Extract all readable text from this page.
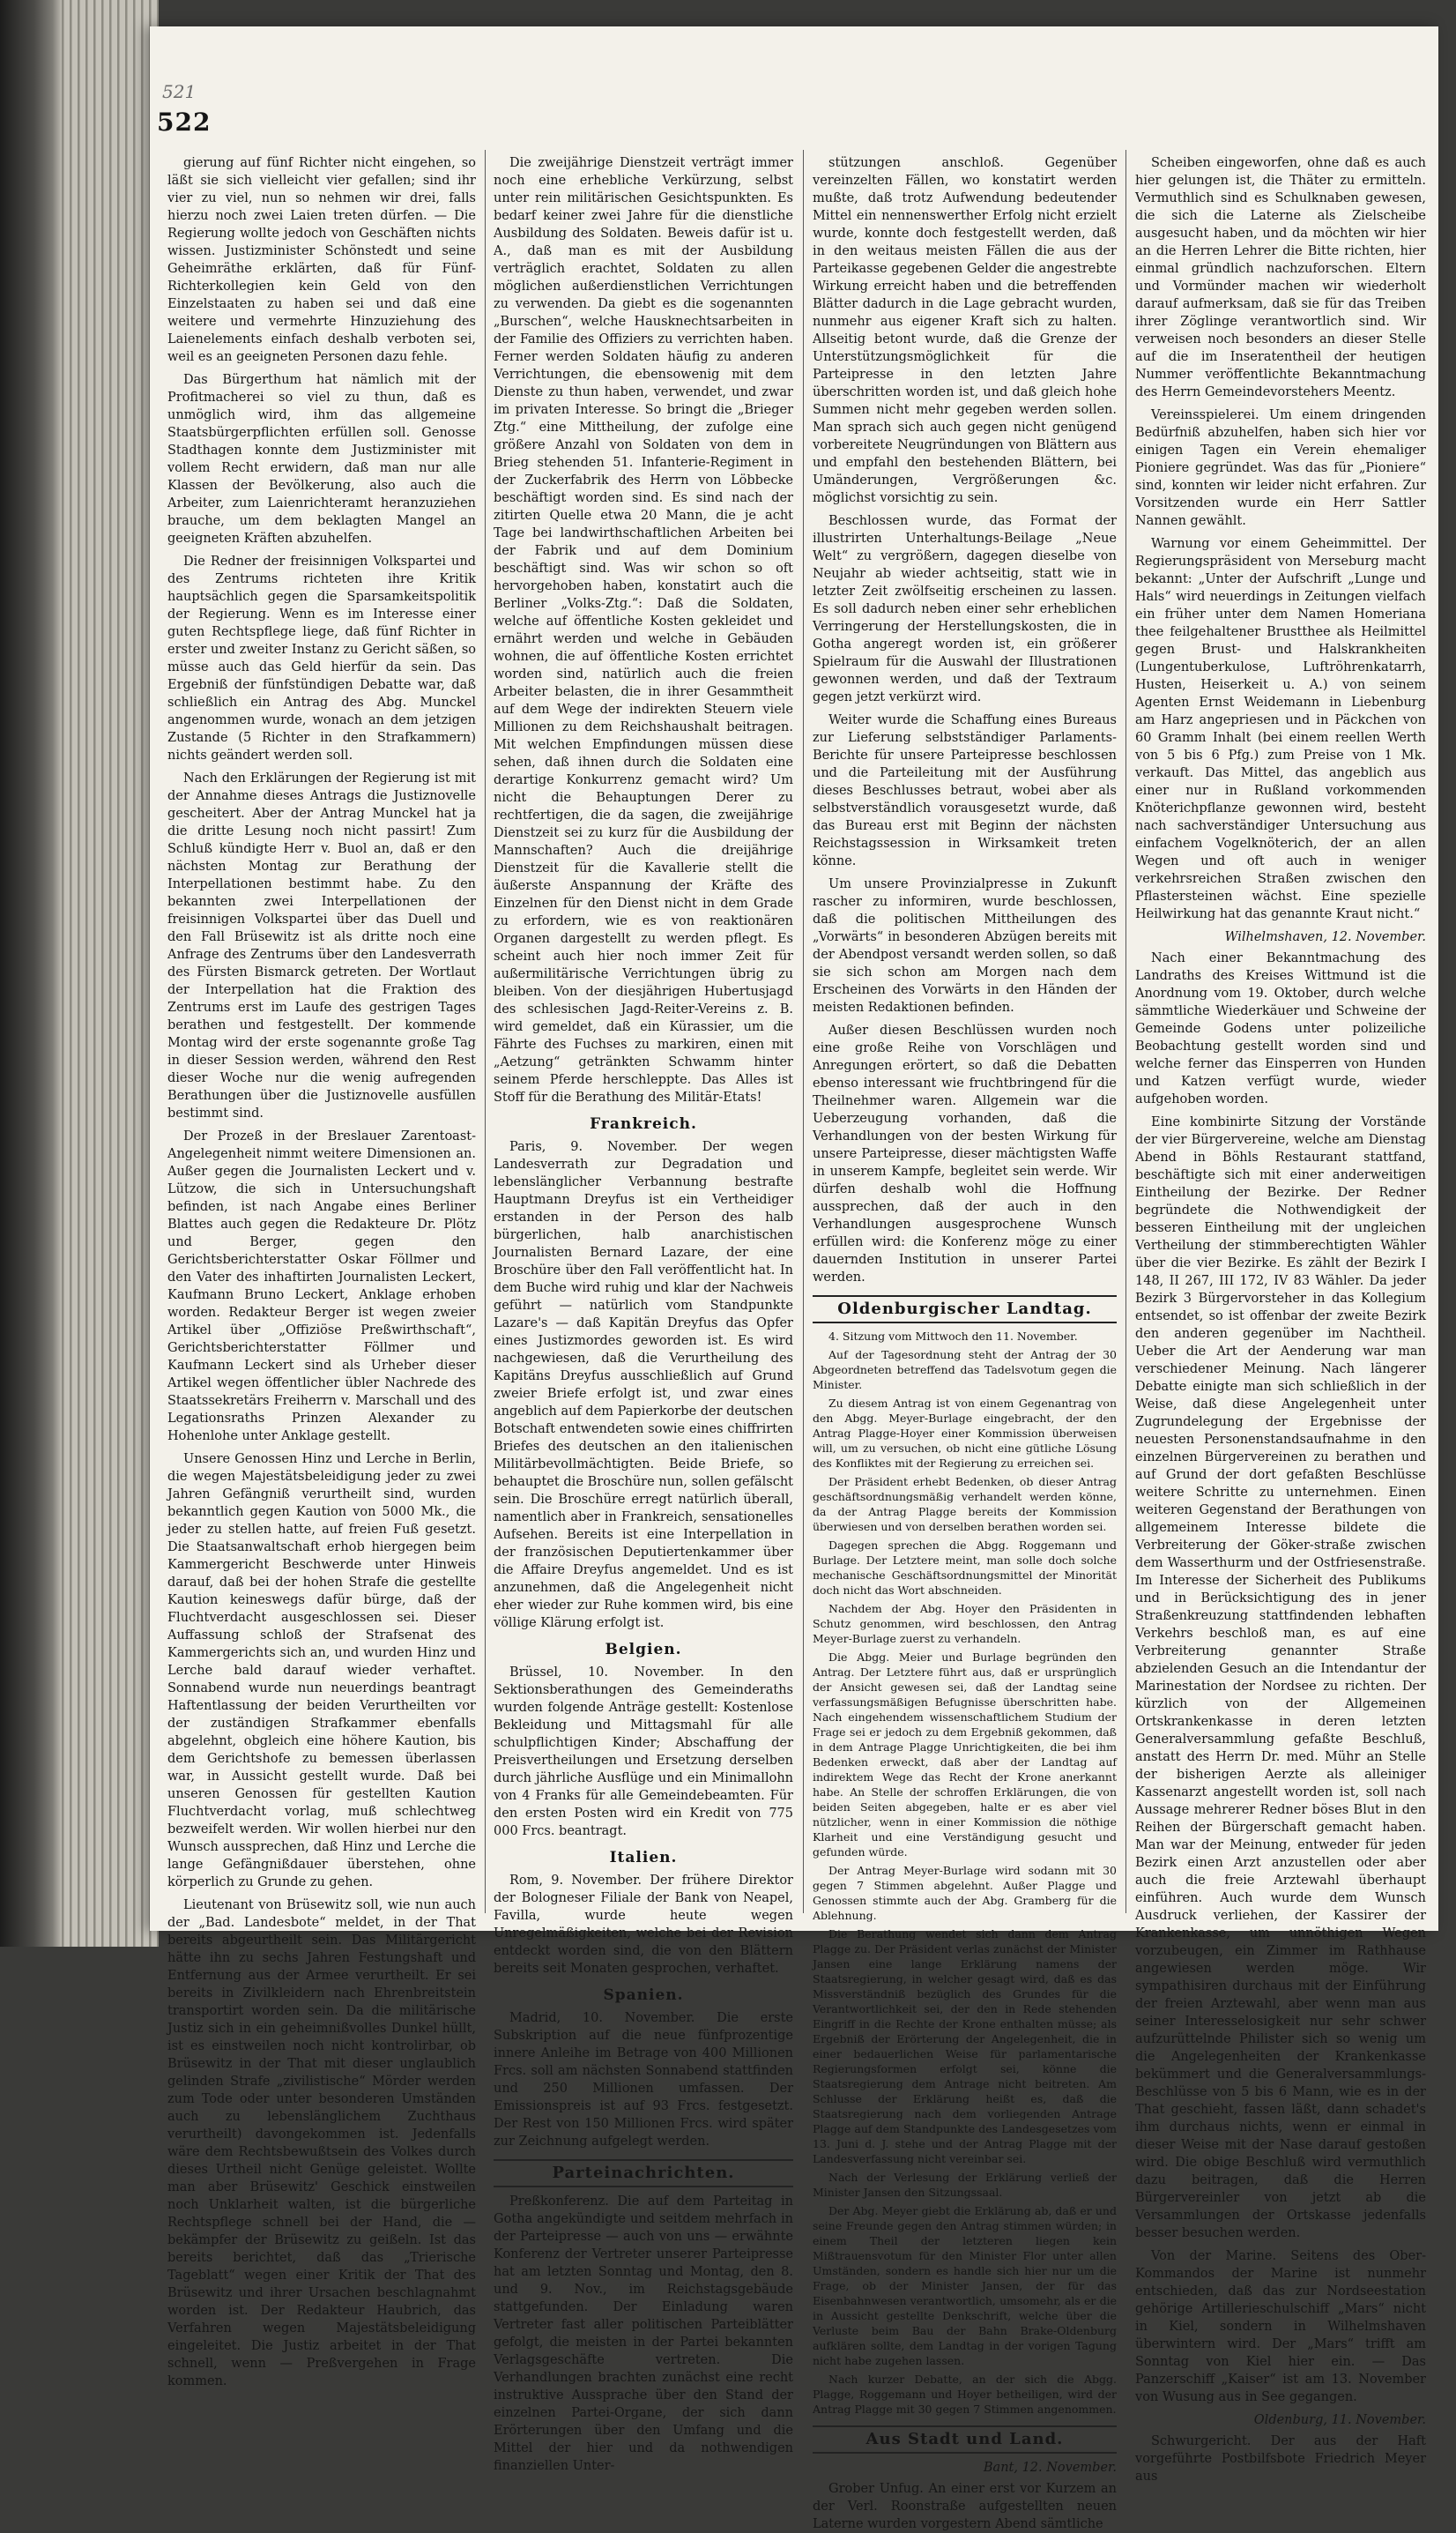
521
522

gierung auf fünf Richter nicht eingehen, so läßt sie sich vielleicht vier gefallen; sind ihr vier zu viel, nun so nehmen wir drei, falls hierzu noch zwei Laien treten dürfen. — Die Regierung wollte jedoch von Geschäften nichts wissen. Justizminister Schönstedt und seine Geheimräthe erklärten, daß für Fünf-Richterkollegien kein Geld von den Einzelstaaten zu haben sei und daß eine weitere und vermehrte Hinzuziehung des Laienelements einfach deshalb verboten sei, weil es an geeigneten Personen dazu fehle.

Das Bürgerthum hat nämlich mit der Profitmacherei so viel zu thun, daß es unmöglich wird, ihm das allgemeine Staatsbürgerpflichten erfüllen soll. Genosse Stadthagen konnte dem Justizminister mit vollem Recht erwidern, daß man nur alle Klassen der Bevölkerung, also auch die Arbeiter, zum Laienrichteramt heranzuziehen brauche, um dem beklagten Mangel an geeigneten Kräften abzuhelfen.

Die Redner der freisinnigen Volkspartei und des Zentrums richteten ihre Kritik hauptsächlich gegen die Sparsamkeitspolitik der Regierung. Wenn es im Interesse einer guten Rechtspflege liege, daß fünf Richter in erster und zweiter Instanz zu Gericht säßen, so müsse auch das Geld hierfür da sein. Das Ergebniß der fünfstündigen Debatte war, daß schließlich ein Antrag des Abg. Munckel angenommen wurde, wonach an dem jetzigen Zustande (5 Richter in den Strafkammern) nichts geändert werden soll.

Nach den Erklärungen der Regierung ist mit der Annahme dieses Antrags die Justiznovelle gescheitert. Aber der Antrag Munckel hat ja die dritte Lesung noch nicht passirt! Zum Schluß kündigte Herr v. Buol an, daß er den nächsten Montag zur Berathung der Interpellationen bestimmt habe. Zu den bekannten zwei Interpellationen der freisinnigen Volkspartei über das Duell und den Fall Brüsewitz ist als dritte noch eine Anfrage des Zentrums über den Landesverrath des Fürsten Bismarck getreten. Der Wortlaut der Interpellation hat die Fraktion des Zentrums erst im Laufe des gestrigen Tages berathen und festgestellt. Der kommende Montag wird der erste sogenannte große Tag in dieser Session werden, während den Rest dieser Woche nur die wenig aufregenden Berathungen über die Justiznovelle ausfüllen bestimmt sind.

Der Prozeß in der Breslauer Zarentoast-Angelegenheit nimmt weitere Dimensionen an. Außer gegen die Journalisten Leckert und v. Lützow, die sich in Untersuchungshaft befinden, ist nach Angabe eines Berliner Blattes auch gegen die Redakteure Dr. Plötz und Berger, gegen den Gerichtsberichterstatter Oskar Föllmer und den Vater des inhaftirten Journalisten Leckert, Kaufmann Bruno Leckert, Anklage erhoben worden. Redakteur Berger ist wegen zweier Artikel über „Offiziöse Preßwirthschaft“, Gerichtsberichterstatter Föllmer und Kaufmann Leckert sind als Urheber dieser Artikel wegen öffentlicher übler Nachrede des Staatssekretärs Freiherrn v. Marschall und des Legationsraths Prinzen Alexander zu Hohenlohe unter Anklage gestellt.

Unsere Genossen Hinz und Lerche in Berlin, die wegen Majestätsbeleidigung jeder zu zwei Jahren Gefängniß verurtheilt sind, wurden bekanntlich gegen Kaution von 5000 Mk., die jeder zu stellen hatte, auf freien Fuß gesetzt. Die Staatsanwaltschaft erhob hiergegen beim Kammergericht Beschwerde unter Hinweis darauf, daß bei der hohen Strafe die gestellte Kaution keineswegs dafür bürge, daß der Fluchtverdacht ausgeschlossen sei. Dieser Auffassung schloß der Strafsenat des Kammergerichts sich an, und wurden Hinz und Lerche bald darauf wieder verhaftet. Sonnabend wurde nun neuerdings beantragt Haftentlassung der beiden Verurtheilten vor der zuständigen Strafkammer ebenfalls abgelehnt, obgleich eine höhere Kaution, bis dem Gerichtshofe zu bemessen überlassen war, in Aussicht gestellt wurde. Daß bei unseren Genossen für gestellten Kaution Fluchtverdacht vorlag, muß schlechtweg bezweifelt werden. Wir wollen hierbei nur den Wunsch aussprechen, daß Hinz und Lerche die lange Gefängnißdauer überstehen, ohne körperlich zu Grunde zu gehen.

Lieutenant von Brüsewitz soll, wie nun auch der „Bad. Landesbote“ meldet, in der That bereits abgeurtheilt sein. Das Militärgericht hätte ihn zu sechs Jahren Festungshaft und Entfernung aus der Armee verurtheilt. Er sei bereits in Zivilkleidern nach Ehrenbreitstein transportirt worden sein. Da die militärische Justiz sich in ein geheimnißvolles Dunkel hüllt, ist es einstweilen noch nicht kontrolirbar, ob Brüsewitz in der That mit dieser unglaublich gelinden Strafe „zivilistische“ Mörder werden zum Tode oder unter besonderen Umständen auch zu lebenslänglichem Zuchthaus verurtheilt) davongekommen ist. Jedenfalls wäre dem Rechtsbewußtsein des Volkes durch dieses Urtheil nicht Genüge geleistet. Wollte man aber Brüsewitz' Geschick einstweilen noch Unklarheit walten, ist die bürgerliche Rechtspflege schnell bei der Hand, die — bekämpfer der Brüsewitz zu geißeln. Ist das bereits berichtet, daß das „Trierische Tageblatt“ wegen einer Kritik der That des Brüsewitz und ihrer Ursachen beschlagnahmt worden ist. Der Redakteur Haubrich, das Verfahren wegen Majestätsbeleidigung eingeleitet. Die Justiz arbeitet in der That schnell, wenn — Preßvergehen in Frage kommen.

Die zweijährige Dienstzeit verträgt immer noch eine erhebliche Verkürzung, selbst unter rein militärischen Gesichtspunkten. Es bedarf keiner zwei Jahre für die dienstliche Ausbildung des Soldaten. Beweis dafür ist u. A., daß man es mit der Ausbildung verträglich erachtet, Soldaten zu allen möglichen außerdienstlichen Verrichtungen zu verwenden. Da giebt es die sogenannten „Burschen“, welche Hausknechtsarbeiten in der Familie des Offiziers zu verrichten haben. Ferner werden Soldaten häufig zu anderen Verrichtungen, die ebensowenig mit dem Dienste zu thun haben, verwendet, und zwar im privaten Interesse. So bringt die „Brieger Ztg.“ eine Mittheilung, der zufolge eine größere Anzahl von Soldaten von dem in Brieg stehenden 51. Infanterie-Regiment in der Zuckerfabrik des Herrn von Löbbecke beschäftigt worden sind. Es sind nach der zitirten Quelle etwa 20 Mann, die je acht Tage bei landwirthschaftlichen Arbeiten bei der Fabrik und auf dem Dominium beschäftigt sind. Was wir schon so oft hervorgehoben haben, konstatirt auch die Berliner „Volks-Ztg.“: Daß die Soldaten, welche auf öffentliche Kosten gekleidet und ernährt werden und welche in Gebäuden wohnen, die auf öffentliche Kosten errichtet worden sind, natürlich auch die freien Arbeiter belasten, die in ihrer Gesammtheit auf dem Wege der indirekten Steuern viele Millionen zu dem Reichshaushalt beitragen. Mit welchen Empfindungen müssen diese sehen, daß ihnen durch die Soldaten eine derartige Konkurrenz gemacht wird? Um nicht die Behauptungen Derer zu rechtfertigen, die da sagen, die zweijährige Dienstzeit sei zu kurz für die Ausbildung der Mannschaften? Auch die dreijährige Dienstzeit für die Kavallerie stellt die äußerste Anspannung der Kräfte des Einzelnen für den Dienst nicht in dem Grade zu erfordern, wie es von reaktionären Organen dargestellt zu werden pflegt. Es scheint auch hier noch immer Zeit für außermilitärische Verrichtungen übrig zu bleiben. Von der diesjährigen Hubertusjagd des schlesischen Jagd-Reiter-Vereins z. B. wird gemeldet, daß ein Kürassier, um die Fährte des Fuchses zu markiren, einen mit „Aetzung“ getränkten Schwamm hinter seinem Pferde herschleppte. Das Alles ist Stoff für die Berathung des Militär-Etats!

Frankreich.

Paris, 9. November. Der wegen Landesverrath zur Degradation und lebenslänglicher Verbannung bestrafte Hauptmann Dreyfus ist ein Vertheidiger erstanden in der Person des halb bürgerlichen, halb anarchistischen Journalisten Bernard Lazare, der eine Broschüre über den Fall veröffentlicht hat. In dem Buche wird ruhig und klar der Nachweis geführt — natürlich vom Standpunkte Lazare's — daß Kapitän Dreyfus das Opfer eines Justizmordes geworden ist. Es wird nachgewiesen, daß die Verurtheilung des Kapitäns Dreyfus ausschließlich auf Grund zweier Briefe erfolgt ist, und zwar eines angeblich auf dem Papierkorbe der deutschen Botschaft entwendeten sowie eines chiffrirten Briefes des deutschen an den italienischen Militärbevollmächtigten. Beide Briefe, so behauptet die Broschüre nun, sollen gefälscht sein. Die Broschüre erregt natürlich überall, namentlich aber in Frankreich, sensationelles Aufsehen. Bereits ist eine Interpellation in der französischen Deputiertenkammer über die Affaire Dreyfus angemeldet. Und es ist anzunehmen, daß die Angelegenheit nicht eher wieder zur Ruhe kommen wird, bis eine völlige Klärung erfolgt ist.

Belgien.

Brüssel, 10. November. In den Sektionsberathungen des Gemeinderaths wurden folgende Anträge gestellt: Kostenlose Bekleidung und Mittagsmahl für alle schulpflichtigen Kinder; Abschaffung der Preisvertheilungen und Ersetzung derselben durch jährliche Ausflüge und ein Minimallohn von 4 Franks für alle Gemeindebeamten. Für den ersten Posten wird ein Kredit von 775 000 Frcs. beantragt.

Italien.

Rom, 9. November. Der frühere Direktor der Bologneser Filiale der Bank von Neapel, Favilla, wurde heute wegen Unregelmäßigkeiten, welche bei der Revision entdeckt worden sind, die von den Blättern bereits seit Monaten gesprochen, verhaftet.

Spanien.

Madrid, 10. November. Die erste Subskription auf die neue fünfprozentige innere Anleihe im Betrage von 400 Millionen Frcs. soll am nächsten Sonnabend stattfinden und 250 Millionen umfassen. Der Emissionspreis ist auf 93 Frcs. festgesetzt. Der Rest von 150 Millionen Frcs. wird später zur Zeichnung aufgelegt werden.

Parteinachrichten.

Preßkonferenz. Die auf dem Parteitag in Gotha angekündigte und seitdem mehrfach in der Parteipresse — auch von uns — erwähnte Konferenz der Vertreter unserer Parteipresse hat am letzten Sonntag und Montag, den 8. und 9. Nov., im Reichstagsgebäude stattgefunden. Der Einladung waren Vertreter fast aller politischen Parteiblätter gefolgt, die meisten in der Partei bekannten Verlagsgeschäfte vertreten. Die Verhandlungen brachten zunächst eine recht instruktive Aussprache über den Stand der einzelnen Partei-Organe, der sich dann Erörterungen über den Umfang und die Mittel der hier und da nothwendigen finanziellen Unter-

stützungen anschloß. Gegenüber vereinzelten Fällen, wo konstatirt werden mußte, daß trotz Aufwendung bedeutender Mittel ein nennenswerther Erfolg nicht erzielt wurde, konnte doch festgestellt werden, daß in den weitaus meisten Fällen die aus der Parteikasse gegebenen Gelder die angestrebte Wirkung erreicht haben und die betreffenden Blätter dadurch in die Lage gebracht wurden, nunmehr aus eigener Kraft sich zu halten. Allseitig betont wurde, daß die Grenze der Unterstützungsmöglichkeit für die Parteipresse in den letzten Jahre überschritten worden ist, und daß gleich hohe Summen nicht mehr gegeben werden sollen. Man sprach sich auch gegen nicht genügend vorbereitete Neugründungen von Blättern aus und empfahl den bestehenden Blättern, bei Umänderungen, Vergrößerungen &c. möglichst vorsichtig zu sein.

Beschlossen wurde, das Format der illustrirten Unterhaltungs-Beilage „Neue Welt“ zu vergrößern, dagegen dieselbe von Neujahr ab wieder achtseitig, statt wie in letzter Zeit zwölfseitig erscheinen zu lassen. Es soll dadurch neben einer sehr erheblichen Verringerung der Herstellungskosten, die in Gotha angeregt worden ist, ein größerer Spielraum für die Auswahl der Illustrationen gewonnen werden, und daß der Textraum gegen jetzt verkürzt wird.

Weiter wurde die Schaffung eines Bureaus zur Lieferung selbstständiger Parlaments-Berichte für unsere Parteipresse beschlossen und die Parteileitung mit der Ausführung dieses Beschlusses betraut, wobei aber als selbstverständlich vorausgesetzt wurde, daß das Bureau erst mit Beginn der nächsten Reichstagssession in Wirksamkeit treten könne.

Um unsere Provinzialpresse in Zukunft rascher zu informiren, wurde beschlossen, daß die politischen Mittheilungen des „Vorwärts“ in besonderen Abzügen bereits mit der Abendpost versandt werden sollen, so daß sie sich schon am Morgen nach dem Erscheinen des Vorwärts in den Händen der meisten Redaktionen befinden.

Außer diesen Beschlüssen wurden noch eine große Reihe von Vorschlägen und Anregungen erörtert, so daß die Debatten ebenso interessant wie fruchtbringend für die Theilnehmer waren. Allgemein war die Ueberzeugung vorhanden, daß die Verhandlungen von der besten Wirkung für unsere Parteipresse, dieser mächtigsten Waffe in unserem Kampfe, begleitet sein werde. Wir dürfen deshalb wohl die Hoffnung aussprechen, daß der auch in den Verhandlungen ausgesprochene Wunsch erfüllen wird: die Konferenz möge zu einer dauernden Institution in unserer Partei werden.

Oldenburgischer Landtag.

4. Sitzung vom Mittwoch den 11. November.

Auf der Tagesordnung steht der Antrag der 30 Abgeordneten betreffend das Tadelsvotum gegen die Minister.

Zu diesem Antrag ist von einem Gegenantrag von den Abgg. Meyer-Burlage eingebracht, der den Antrag Plagge-Hoyer einer Kommission überweisen will, um zu versuchen, ob nicht eine gütliche Lösung des Konfliktes mit der Regierung zu erreichen sei.

Der Präsident erhebt Bedenken, ob dieser Antrag geschäftsordnungsmäßig verhandelt werden könne, da der Antrag Plagge bereits der Kommission überwiesen und von derselben berathen worden sei.

Dagegen sprechen die Abgg. Roggemann und Burlage. Der Letztere meint, man solle doch solche mechanische Geschäftsordnungsmittel der Minorität doch nicht das Wort abschneiden.

Nachdem der Abg. Hoyer den Präsidenten in Schutz genommen, wird beschlossen, den Antrag Meyer-Burlage zuerst zu verhandeln.

Die Abgg. Meier und Burlage begründen den Antrag. Der Letztere führt aus, daß er ursprünglich der Ansicht gewesen sei, daß der Landtag seine verfassungsmäßigen Befugnisse überschritten habe. Nach eingehendem wissenschaftlichem Studium der Frage sei er jedoch zu dem Ergebniß gekommen, daß in dem Antrage Plagge Unrichtigkeiten, die bei ihm Bedenken erweckt, daß aber der Landtag auf indirektem Wege das Recht der Krone anerkannt habe. An Stelle der schroffen Erklärungen, die von beiden Seiten abgegeben, halte er es aber viel nützlicher, wenn in einer Kommission die nöthige Klarheit und eine Verständigung gesucht und gefunden würde.

Der Antrag Meyer-Burlage wird sodann mit 30 gegen 7 Stimmen abgelehnt. Außer Plagge und Genossen stimmte auch der Abg. Gramberg für die Ablehnung.

Die Berathung wendet sich dann dem Antrag Plagge zu. Der Präsident verlas zunächst der Minister Jansen eine lange Erklärung namens der Staatsregierung, in welcher gesagt wird, daß es das Missverständniß bezüglich des Grundes für die Verantwortlichkeit sei, der den in Rede stehenden Eingriff in die Rechte der Krone enthalten müsse; als Ergebniß der Erörterung der Angelegenheit, die in einer bedauerlichen Weise für parlamentarische Regierungsformen erfolgt sei, könne die Staatsregierung dem Antrage nicht beitreten. Am Schlusse der Erklärung heißt es, daß die Staatsregierung nach dem vorliegenden Antrage Plagge auf dem Standpunkte des Landesgesetzes vom 13. Juni d. J. stehe und der Antrag Plagge mit der Landesverfassung nicht vereinbar sei.

Nach der Verlesung der Erklärung verließ der Minister Jansen den Sitzungssaal.

Der Abg. Meyer giebt die Erklärung ab, daß er und seine Freunde gegen den Antrag stimmen würden; in einem Theil der letzteren liegen kein Mißtrauensvotum für den Minister Flor unter allen Umständen, sondern es handle sich hier nur um die Frage, ob der Minister Jansen, der für das Eisenbahnwesen verantwortlich, umsomehr, als er die in Aussicht gestellte Denkschrift, welche über die Verluste beim Bau der Bahn Brake-Oldenburg aufklären sollte, dem Landtag in der vorigen Tagung nicht habe zugehen lassen.

Nach kurzer Debatte, an der sich die Abgg. Plagge, Roggemann und Hoyer betheiligen, wird der Antrag Plagge mit 30 gegen 7 Stimmen angenommen.

Aus Stadt und Land.
Bant, 12. November.

Grober Unfug. An einer erst vor Kurzem an der Verl. Roonstraße aufgestellten neuen Laterne wurden vorgestern Abend sämtliche

Scheiben eingeworfen, ohne daß es auch hier gelungen ist, die Thäter zu ermitteln. Vermuthlich sind es Schulknaben gewesen, die sich die Laterne als Zielscheibe ausgesucht haben, und da möchten wir hier an die Herren Lehrer die Bitte richten, hier einmal gründlich nachzuforschen. Eltern und Vormünder machen wir wiederholt darauf aufmerksam, daß sie für das Treiben ihrer Zöglinge verantwortlich sind. Wir verweisen noch besonders an dieser Stelle auf die im Inseratentheil der heutigen Nummer veröffentlichte Bekanntmachung des Herrn Gemeindevorstehers Meentz.

Vereinsspielerei. Um einem dringenden Bedürfniß abzuhelfen, haben sich hier vor einigen Tagen ein Verein ehemaliger Pioniere gegründet. Was das für „Pioniere“ sind, konnten wir leider nicht erfahren. Zur Vorsitzenden wurde ein Herr Sattler Nannen gewählt.

Warnung vor einem Geheimmittel. Der Regierungspräsident von Merseburg macht bekannt: „Unter der Aufschrift „Lunge und Hals“ wird neuerdings in Zeitungen vielfach ein früher unter dem Namen Homeriana thee feilgehaltener Brustthee als Heilmittel gegen Brust- und Halskrankheiten (Lungentuberkulose, Luftröhrenkatarrh, Husten, Heiserkeit u. A.) von seinem Agenten Ernst Weidemann in Liebenburg am Harz angepriesen und in Päckchen von 60 Gramm Inhalt (bei einem reellen Werth von 5 bis 6 Pfg.) zum Preise von 1 Mk. verkauft. Das Mittel, das angeblich aus einer nur in Rußland vorkommenden Knöterichpflanze gewonnen wird, besteht nach sachverständiger Untersuchung aus einfachem Vogelknöterich, der an allen Wegen und oft auch in weniger verkehrsreichen Straßen zwischen den Pflastersteinen wächst. Eine spezielle Heilwirkung hat das genannte Kraut nicht.“

Wilhelmshaven, 12. November.

Nach einer Bekanntmachung des Landraths des Kreises Wittmund ist die Anordnung vom 19. Oktober, durch welche sämmtliche Wiederkäuer und Schweine der Gemeinde Godens unter polizeiliche Beobachtung gestellt worden sind und welche ferner das Einsperren von Hunden und Katzen verfügt wurde, wieder aufgehoben worden.

Eine kombinirte Sitzung der Vorstände der vier Bürgervereine, welche am Dienstag Abend in Böhls Restaurant stattfand, beschäftigte sich mit einer anderweitigen Eintheilung der Bezirke. Der Redner begründete die Nothwendigkeit der besseren Eintheilung mit der ungleichen Vertheilung der stimmberechtigten Wähler über die vier Bezirke. Es zählt der Bezirk I 148, II 267, III 172, IV 83 Wähler. Da jeder Bezirk 3 Bürgervorsteher in das Kollegium entsendet, so ist offenbar der zweite Bezirk den anderen gegenüber im Nachtheil. Ueber die Art der Aenderung war man verschiedener Meinung. Nach längerer Debatte einigte man sich schließlich in der Weise, daß diese Angelegenheit unter Zugrundelegung der Ergebnisse der neuesten Personenstandsaufnahme in den einzelnen Bürgervereinen zu berathen und auf Grund der dort gefaßten Beschlüsse weitere Schritte zu unternehmen. Einen weiteren Gegenstand der Berathungen von allgemeinem Interesse bildete die Verbreiterung der Göker-straße zwischen dem Wasserthurm und der Ostfriesenstraße. Im Interesse der Sicherheit des Publikums und in Berücksichtigung des in jener Straßenkreuzung stattfindenden lebhaften Verkehrs beschloß man, es auf eine Verbreiterung genannter Straße abzielenden Gesuch an die Intendantur der Marinestation der Nordsee zu richten. Der kürzlich von der Allgemeinen Ortskrankenkasse in deren letzten Generalversammlung gefaßte Beschluß, anstatt des Herrn Dr. med. Mühr an Stelle der bisherigen Aerzte als alleiniger Kassenarzt angestellt worden ist, soll nach Aussage mehrerer Redner böses Blut in den Reihen der Bürgerschaft gemacht haben. Man war der Meinung, entweder für jeden Bezirk einen Arzt anzustellen oder aber auch die freie Arztewahl überhaupt einführen. Auch wurde dem Wunsch Ausdruck verliehen, der Kassirer der Krankenkasse, um unnöthigen Wegen vorzubeugen, ein Zimmer im Rathhause angewiesen werden möge. Wir sympathisiren durchaus mit der Einführung der freien Arztewahl, aber wenn man aus seiner Interesselosigkeit nur sehr schwer aufzurüttelnde Philister sich so wenig um die Angelegenheiten der Krankenkasse bekümmert und die Generalversammlungs-Beschlüsse von 5 bis 6 Mann, wie es in der That geschieht, fassen läßt, dann schadet's ihm durchaus nichts, wenn er einmal in dieser Weise mit der Nase darauf gestoßen wird. Die obige Beschluß wird vermuthlich dazu beitragen, daß die Herren Bürgervereinler von jetzt ab die Versammlungen der Ortskasse jedenfalls besser besuchen werden.

Von der Marine. Seitens des Ober-Kommandos der Marine ist nunmehr entschieden, daß das zur Nordseestation gehörige Artillerieschulschiff „Mars“ nicht in Kiel, sondern in Wilhelmshaven überwintern wird. Der „Mars“ trifft am Sonntag von Kiel hier ein. — Das Panzerschiff „Kaiser“ ist am 13. November von Wusung aus in See gegangen.

Oldenburg, 11. November.

Schwurgericht. Der aus der Haft vorgeführte Postbilfsbote Friedrich Meyer aus
